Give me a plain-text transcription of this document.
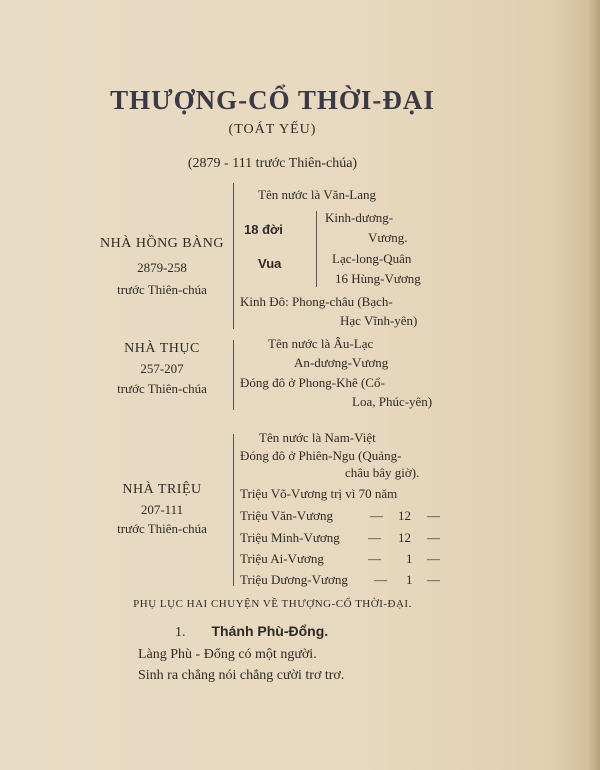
THƯỢNG-CỔ THỜI-ĐẠI
(TOÁT YẾU)
(2879 - 111 trước Thiên-chúa)
NHÀ HỒNG BÀNG
2879-258
trước Thiên-chúa
Tên nước là Văn-Lang
18 đời
Vua
Kinh-dương-
Vương.
Lạc-long-Quân
16 Hùng-Vương
Kinh Đô: Phong-châu (Bạch-
Hạc Vĩnh-yên)
NHÀ THỤC
257-207
trước Thiên-chúa
Tên nước là Âu-Lạc
An-dương-Vương
Đóng đô ở Phong-Khê (Cổ-
Loa, Phúc-yên)
NHÀ TRIỆU
207-111
trước Thiên-chúa
Tên nước là Nam-Việt
Đóng đô ở Phiên-Ngu (Quảng-
châu bây giờ).
Triệu Võ-Vương trị vì 70 năm
Triệu Văn-Vương	— 12 —
Triệu Minh-Vương — 12 —
Triệu Ai-Vương	— 1 —
Triệu Dương-Vương — 1 —
PHỤ LỤC HAI CHUYỆN VỀ THƯỢNG-CỔ THỜI-ĐẠI.
1. Thánh Phù-Đổng.
Làng Phù - Đổng có một người.
Sinh ra chẳng nói chẳng cười trơ trơ.
